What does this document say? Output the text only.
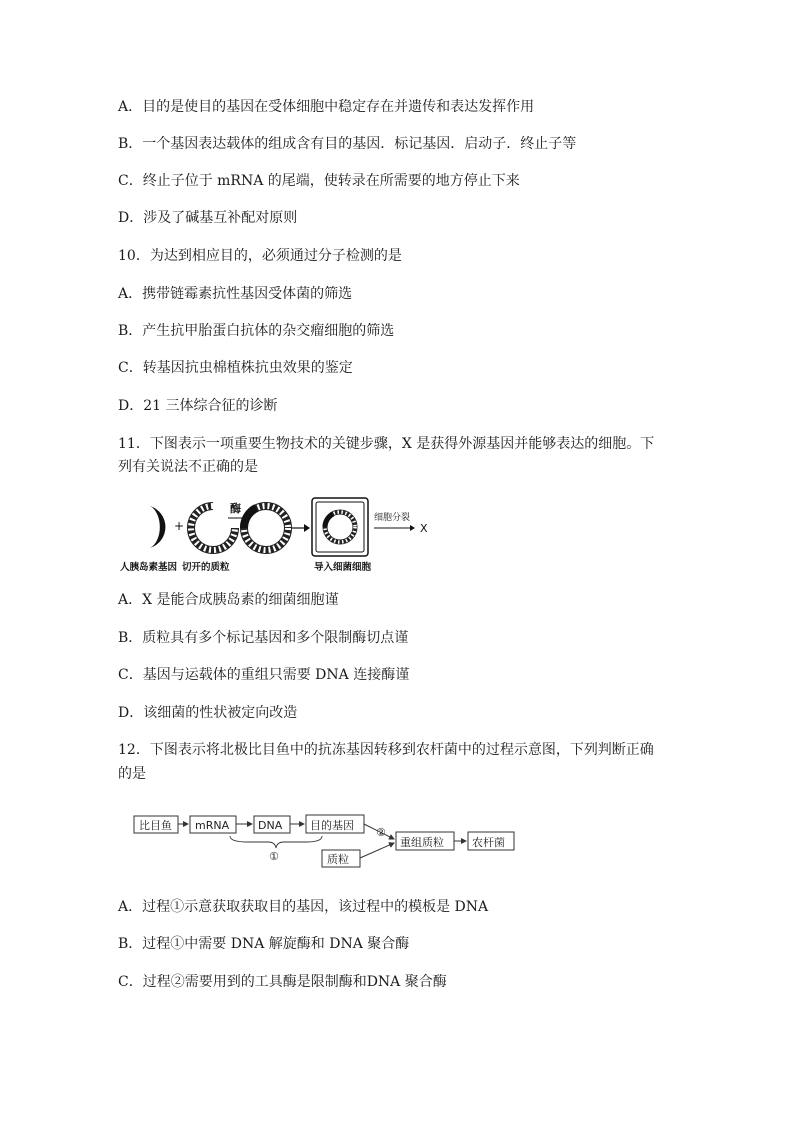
A．目的是使目的基因在受体细胞中稳定存在并遗传和表达发挥作用
B．一个基因表达载体的组成含有目的基因．标记基因．启动子．终止子等
C．终止子位于 mRNA 的尾端，使转录在所需要的地方停止下来
D．涉及了碱基互补配对原则
10．为达到相应目的，必须通过分子检测的是
A．携带链霉素抗性基因受体菌的筛选
B．产生抗甲胎蛋白抗体的杂交瘤细胞的筛选
C．转基因抗虫棉植株抗虫效果的鉴定
D．21 三体综合征的诊断
11．下图表示一项重要生物技术的关键步骤，X 是获得外源基因并能够表达的细胞。下
列有关说法不正确的是
+
酶
细胞分裂
X
人胰岛素基因 切开的质粒	导入细菌细胞
A．X 是能合成胰岛素的细菌细胞谨
B．质粒具有多个标记基因和多个限制酶切点谨
C．基因与运载体的重组只需要 DNA 连接酶谨
D．该细菌的性状被定向改造
12．下图表示将北极比目鱼中的抗冻基因转移到农杆菌中的过程示意图，下列判断正确
的是
比目鱼 mRNA	DNA	目的基因
质粒
重组质粒	农杆菌
①
②
A．过程①示意获取获取目的基因，该过程中的模板是 DNA
B．过程①中需要 DNA 解旋酶和 DNA 聚合酶
C．过程②需要用到的工具酶是限制酶和DNA 聚合酶
